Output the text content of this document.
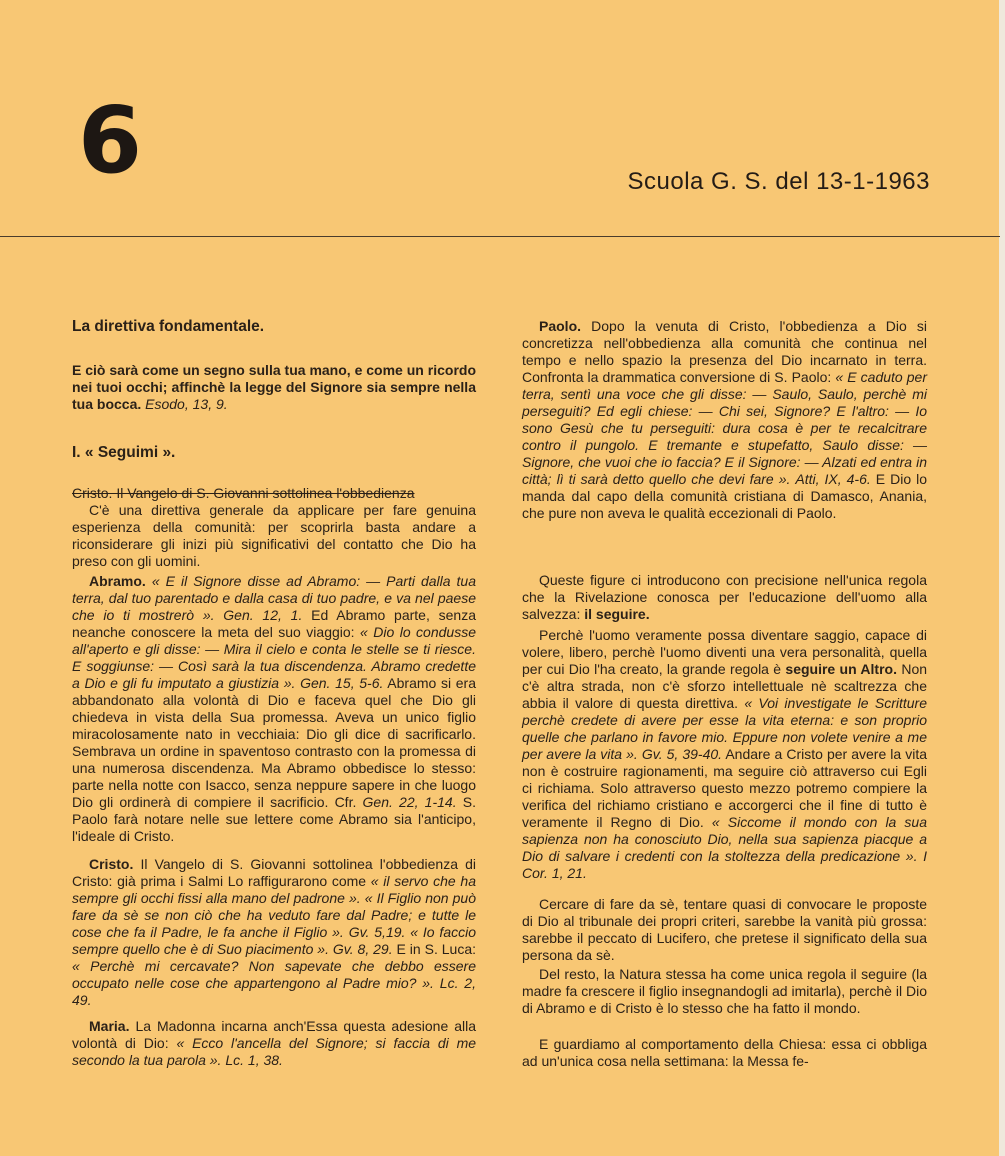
6	Scuola G. S. del 13-1-1963

La direttiva fondamentale.

E ciò sarà come un segno sulla tua mano, e come un ricordo nei tuoi occhi; affinchè la legge del Signore sia sempre nella tua bocca. Esodo, 13, 9.

I. « Seguimi ».

Cristo. Il Vangelo di S. Giovanni sottolinea l'obbedienza

C'è una direttiva generale da applicare per fare genuina esperienza della comunità: per scoprirla basta andare a riconsiderare gli inizi più significativi del contatto che Dio ha preso con gli uomini.

Abramo. « E il Signore disse ad Abramo: — Parti dalla tua terra, dal tuo parentado e dalla casa di tuo padre, e va nel paese che io ti mostrerò ». Gen. 12, 1. Ed Abramo parte, senza neanche conoscere la meta del suo viaggio: « Dio lo condusse all'aperto e gli disse: — Mira il cielo e conta le stelle se ti riesce. E soggiunse: — Così sarà la tua discendenza. Abramo credette a Dio e gli fu imputato a giustizia ». Gen. 15, 5-6. Abramo si era abbandonato alla volontà di Dio e faceva quel che Dio gli chiedeva in vista della Sua promessa. Aveva un unico figlio miracolosamente nato in vecchiaia: Dio gli dice di sacrificarlo. Sembrava un ordine in spaventoso contrasto con la promessa di una numerosa discendenza. Ma Abramo obbedisce lo stesso: parte nella notte con Isacco, senza neppure sapere in che luogo Dio gli ordinerà di compiere il sacrificio. Cfr. Gen. 22, 1-14. S. Paolo farà notare nelle sue lettere come Abramo sia l'anticipo, l'ideale di Cristo.

Cristo. Il Vangelo di S. Giovanni sottolinea l'obbedienza di Cristo: già prima i Salmi Lo raffigurarono come « il servo che ha sempre gli occhi fissi alla mano del padrone ». « Il Figlio non può fare da sè se non ciò che ha veduto fare dal Padre; e tutte le cose che fa il Padre, le fa anche il Figlio ». Gv. 5,19. « Io faccio sempre quello che è di Suo piacimento ». Gv. 8, 29. E in S. Luca: « Perchè mi cercavate? Non sapevate che debbo essere occupato nelle cose che appartengono al Padre mio? ». Lc. 2, 49.

Maria. La Madonna incarna anch'Essa questa adesione alla volontà di Dio: « Ecco l'ancella del Signore; si faccia di me secondo la tua parola ». Lc. 1, 38.

Paolo. Dopo la venuta di Cristo, l'obbedienza a Dio si concretizza nell'obbedienza alla comunità che continua nel tempo e nello spazio la presenza del Dio incarnato in terra. Confronta la drammatica conversione di S. Paolo: « E caduto per terra, sentì una voce che gli disse: — Saulo, Saulo, perchè mi perseguiti? Ed egli chiese: — Chi sei, Signore? E l'altro: — Io sono Gesù che tu perseguiti: dura cosa è per te recalcitrare contro il pungolo. E tremante e stupefatto, Saulo disse: — Signore, che vuoi che io faccia? E il Signore: — Alzati ed entra in città; lì ti sarà detto quello che devi fare ». Atti, IX, 4-6. E Dio lo manda dal capo della comunità cristiana di Damasco, Anania, che pure non aveva le qualità eccezionali di Paolo.

Queste figure ci introducono con precisione nell'unica regola che la Rivelazione conosca per l'educazione dell'uomo alla salvezza: il seguire.

Perchè l'uomo veramente possa diventare saggio, capace di volere, libero, perchè l'uomo diventi una vera personalità, quella per cui Dio l'ha creato, la grande regola è seguire un Altro. Non c'è altra strada, non c'è sforzo intellettuale nè scaltrezza che abbia il valore di questa direttiva. « Voi investigate le Scritture perchè credete di avere per esse la vita eterna: e son proprio quelle che parlano in favore mio. Eppure non volete venire a me per avere la vita ». Gv. 5, 39-40. Andare a Cristo per avere la vita non è costruire ragionamenti, ma seguire ciò attraverso cui Egli ci richiama. Solo attraverso questo mezzo potremo compiere la verifica del richiamo cristiano e accorgerci che il fine di tutto è veramente il Regno di Dio. « Siccome il mondo con la sua sapienza non ha conosciuto Dio, nella sua sapienza piacque a Dio di salvare i credenti con la stoltezza della predicazione ». I Cor. 1, 21.

Cercare di fare da sè, tentare quasi di convocare le proposte di Dio al tribunale dei propri criteri, sarebbe la vanità più grossa: sarebbe il peccato di Lucifero, che pretese il significato della sua persona da sè.

Del resto, la Natura stessa ha come unica regola il seguire (la madre fa crescere il figlio insegnandogli ad imitarla), perchè il Dio di Abramo e di Cristo è lo stesso che ha fatto il mondo.

E guardiamo al comportamento della Chiesa: essa ci obbliga ad un'unica cosa nella settimana: la Messa fe-
